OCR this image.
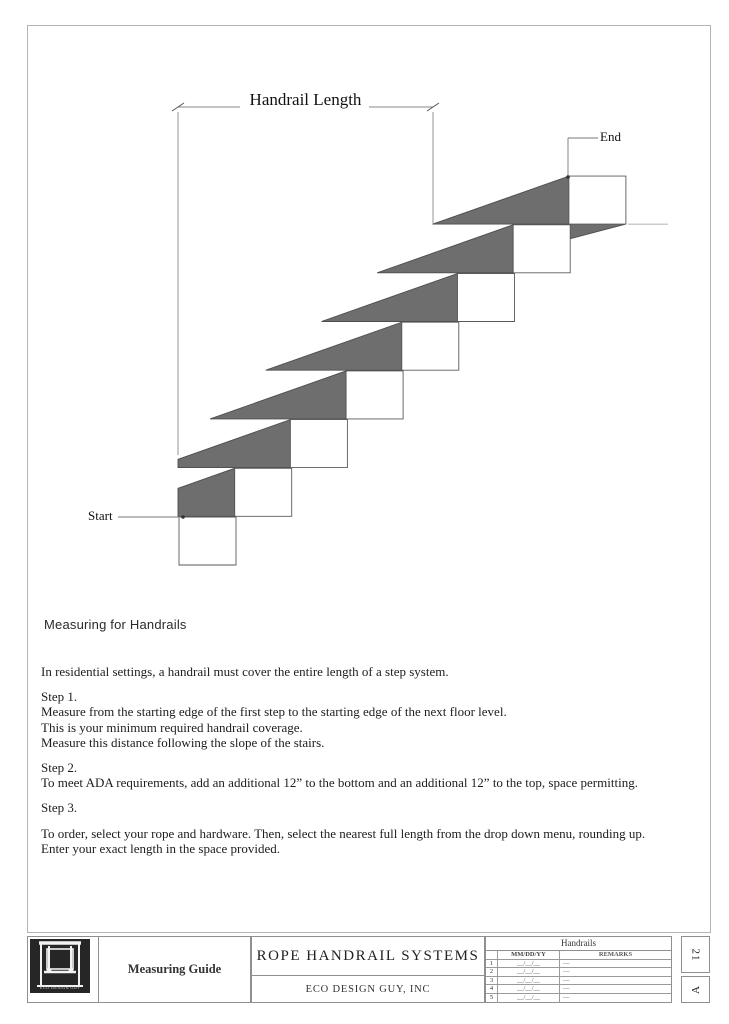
Handrail Length
End
Start
Measuring for Handrails
In residential settings, a handrail must cover the entire length of a step system.
Step 1.
Measure from the starting edge of the first step to the starting edge of the next floor level.
This is your minimum required handrail coverage.
Measure this distance following the slope of the stairs.
Step 2.
To meet ADA requirements, add an additional 12” to the bottom and an additional 12” to the top, space permitting.
Step 3.
To order, select your rope and hardware. Then, select the nearest full length from the drop down menu, rounding up.
Enter your exact length in the space provided.
ECO DESIGN GUY
Measuring Guide
ROPE HANDRAIL SYSTEMS
ECO DESIGN GUY, INC
Handrails
MM/DD/YY	REMARKS
1	__/__/__	—
2	__/__/__	—
3	__/__/__	—
4	__/__/__	—
5	__/__/__	—
21
A
